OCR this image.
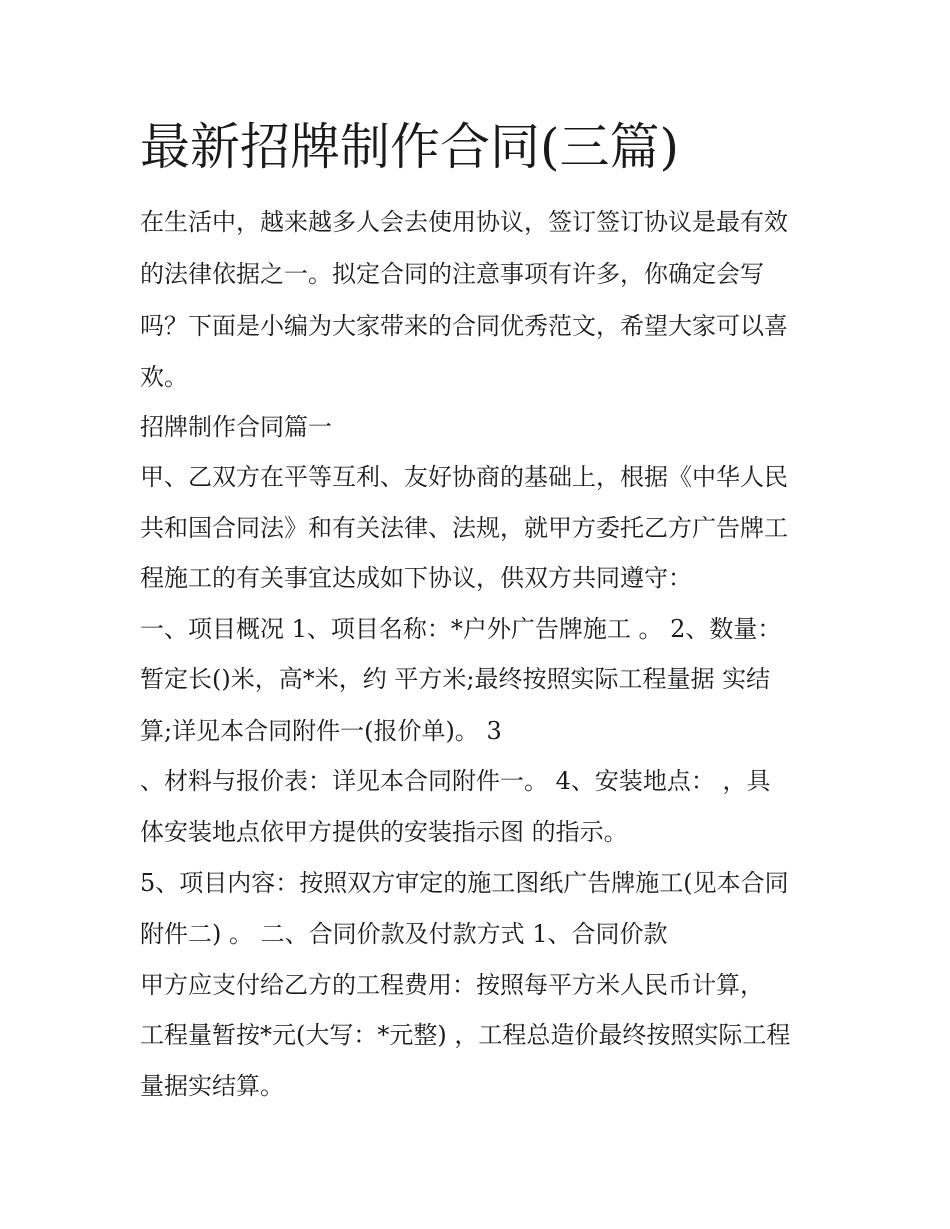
最新招牌制作合同(三篇)

在生活中，越来越多人会去使用协议，签订签订协议是最有效

的法律依据之一。拟定合同的注意事项有许多，你确定会写

吗？下面是小编为大家带来的合同优秀范文，希望大家可以喜

欢。

招牌制作合同篇一

甲、乙双方在平等互利、友好协商的基础上，根据《中华人民

共和国合同法》和有关法律、法规，就甲方委托乙方广告牌工

程施工的有关事宜达成如下协议，供双方共同遵守：

一、项目概况 1、项目名称：*户外广告牌施工 。 2、数量：

暂定长()米，高*米，约 平方米;最终按照实际工程量据 实结

算;详见本合同附件一(报价单)。 3

、材料与报价表：详见本合同附件一。 4、安装地点： ，具

体安装地点依甲方提供的安装指示图 的指示。

5、项目内容：按照双方审定的施工图纸广告牌施工(见本合同

附件二) 。 二、合同价款及付款方式 1、合同价款

甲方应支付给乙方的工程费用：按照每平方米人民币计算，

工程量暂按*元(大写：*元整) ，工程总造价最终按照实际工程

量据实结算。
